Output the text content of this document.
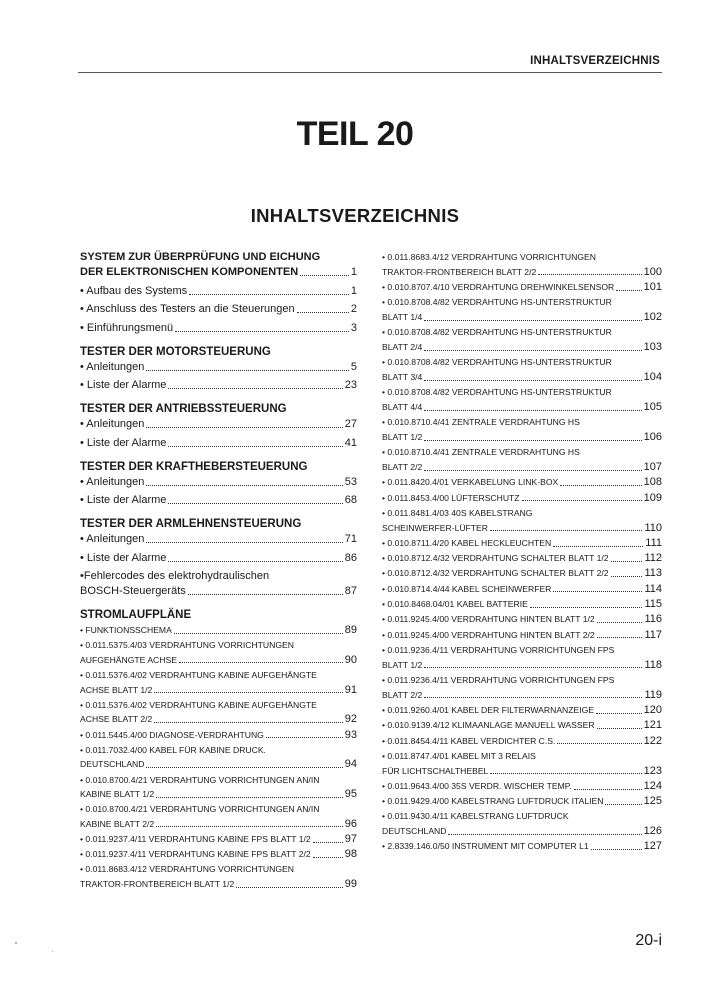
INHALTSVERZEICHNIS
TEIL 20
INHALTSVERZEICHNIS
SYSTEM ZUR ÜBERPRÜFUNG UND EICHUNG
DER ELEKTRONISCHEN KOMPONENTEN	1
• Aufbau des Systems	1
• Anschluss des Testers an die Steuerungen	2
• Einführungsmenü	3
TESTER DER MOTORSTEUERUNG
• Anleitungen	5
• Liste der Alarme	23
TESTER DER ANTRIEBSSTEUERUNG
• Anleitungen	27
• Liste der Alarme	41
TESTER DER KRAFTHEBERSTEUERUNG
• Anleitungen	53
• Liste der Alarme	68
TESTER DER ARMLEHNENSTEUERUNG
• Anleitungen	71
• Liste der Alarme	86
•Fehlercodes des elektrohydraulischen
BOSCH-Steuergeräts	87
STROMLAUFPLÄNE
• FUNKTIONSSCHEMA	89
• 0.011.5375.4/03 VERDRAHTUNG VORRICHTUNGEN
AUFGEHÄNGTE ACHSE	90
• 0.011.5376.4/02 VERDRAHTUNG KABINE AUFGEHÄNGTE
ACHSE BLATT 1/2	91
• 0.011.5376.4/02 VERDRAHTUNG KABINE AUFGEHÄNGTE
ACHSE BLATT 2/2	92
• 0.011.5445.4/00 DIAGNOSE-VERDRAHTUNG	93
• 0.011.7032.4/00 KABEL FÜR KABINE DRUCK.
DEUTSCHLAND	94
• 0.010.8700.4/21 VERDRAHTUNG VORRICHTUNGEN AN/IN
KABINE BLATT 1/2	95
• 0.010.8700.4/21 VERDRAHTUNG VORRICHTUNGEN AN/IN
KABINE BLATT 2/2	96
• 0.011.9237.4/11 VERDRAHTUNG KABINE FPS BLATT 1/2	97
• 0.011.9237.4/11 VERDRAHTUNG KABINE FPS BLATT 2/2	98
• 0.011.8683.4/12 VERDRAHTUNG VORRICHTUNGEN
TRAKTOR-FRONTBEREICH BLATT 1/2	99
• 0.011.8683.4/12 VERDRAHTUNG VORRICHTUNGEN
TRAKTOR-FRONTBEREICH BLATT 2/2	100
• 0.010.8707.4/10 VERDRAHTUNG DREHWINKELSENSOR	101
• 0.010.8708.4/82 VERDRAHTUNG HS-UNTERSTRUKTUR
BLATT 1/4	102
• 0.010.8708.4/82 VERDRAHTUNG HS-UNTERSTRUKTUR
BLATT 2/4	103
• 0.010.8708.4/82 VERDRAHTUNG HS-UNTERSTRUKTUR
BLATT 3/4	104
• 0.010.8708.4/82 VERDRAHTUNG HS-UNTERSTRUKTUR
BLATT 4/4	105
• 0.010.8710.4/41 ZENTRALE VERDRAHTUNG HS
BLATT 1/2	106
• 0.010.8710.4/41 ZENTRALE VERDRAHTUNG HS
BLATT 2/2	107
• 0.011.8420.4/01 VERKABELUNG LINK-BOX	108
• 0.011.8453.4/00 LÜFTERSCHUTZ	109
• 0.011.8481.4/03 40S KABELSTRANG
SCHEINWERFER-LÜFTER	110
• 0.010.8711.4/20 KABEL HECKLEUCHTEN	111
• 0.010.8712.4/32 VERDRAHTUNG SCHALTER BLATT 1/2	112
• 0.010.8712.4/32 VERDRAHTUNG SCHALTER BLATT 2/2	113
• 0.010.8714.4/44 KABEL SCHEINWERFER	114
• 0.010.8468.04/01 KABEL BATTERIE	115
• 0.011.9245.4/00 VERDRAHTUNG HINTEN BLATT 1/2	116
• 0.011.9245.4/00 VERDRAHTUNG HINTEN BLATT 2/2	117
• 0.011.9236.4/11 VERDRAHTUNG VORRICHTUNGEN FPS
BLATT 1/2	118
• 0.011.9236.4/11 VERDRAHTUNG VORRICHTUNGEN FPS
BLATT 2/2	119
• 0.011.9260.4/01 KABEL DER FILTERWARNANZEIGE	120
• 0.010.9139.4/12 KLIMAANLAGE MANUELL WASSER	121
• 0.011.8454.4/11 KABEL VERDICHTER C.S.	122
• 0.011.8747.4/01 KABEL MIT 3 RELAIS
FÜR LICHTSCHALTHEBEL	123
• 0.011.9643.4/00 35S VERDR. WISCHER TEMP.	124
• 0.011.9429.4/00 KABELSTRANG LUFTDRUCK ITALIEN	125
• 0.011.9430.4/11 KABELSTRANG LUFTDRUCK
DEUTSCHLAND	126
• 2.8339.146.0/50 INSTRUMENT MIT COMPUTER L1	127
20-i
